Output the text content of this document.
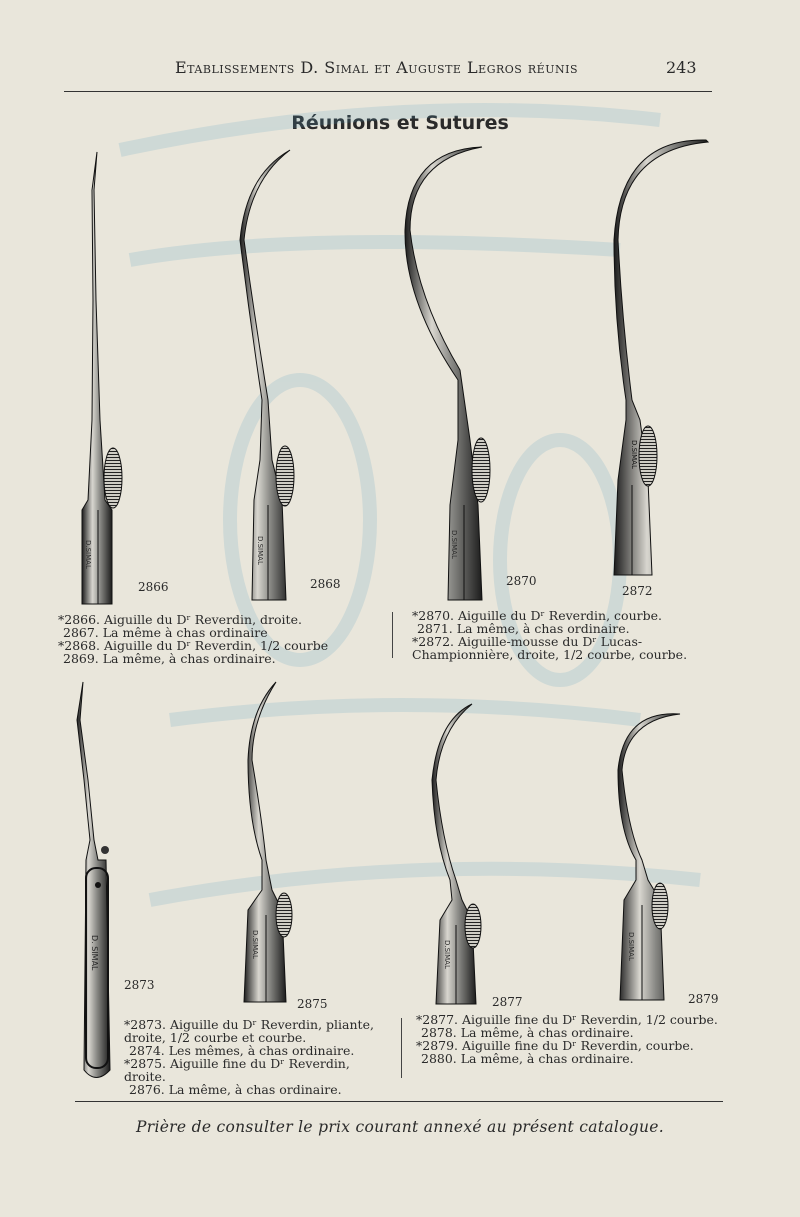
Etablissements D. Simal et Auguste Legros réunis	243
Réunions et Sutures
2866	2868	2870
2872
D.SIMAL	D.SIMAL	D.SIMAL
D.SIMAL
*2866. Aiguille du Dʳ Reverdin, droite.
2867. La même à chas ordinaire
*2868. Aiguille du Dʳ Reverdin, 1/2 courbe
2869. La même, à chas ordinaire.
*2870. Aiguille du Dʳ Reverdin, courbe.
2871. La même, à chas ordinaire.
*2872. Aiguille-mousse du Dʳ Lucas-Championnière, droite, 1/2 courbe, courbe.
2873
2875	2877	2879
D. SIMAL	D.SIMAL	D.SIMAL	D.SIMAL
*2873. Aiguille du Dʳ Reverdin, pliante, droite, 1/2 courbe et courbe.
2874. Les mêmes, à chas ordinaire.
*2875. Aiguille fine du Dʳ Reverdin, droite.
2876. La même, à chas ordinaire.
*2877. Aiguille fine du Dʳ Reverdin, 1/2 courbe.
2878. La même, à chas ordinaire.
*2879. Aiguille fine du Dʳ Reverdin, courbe.
2880. La même, à chas ordinaire.
Prière de consulter le prix courant annexé au présent catalogue.
